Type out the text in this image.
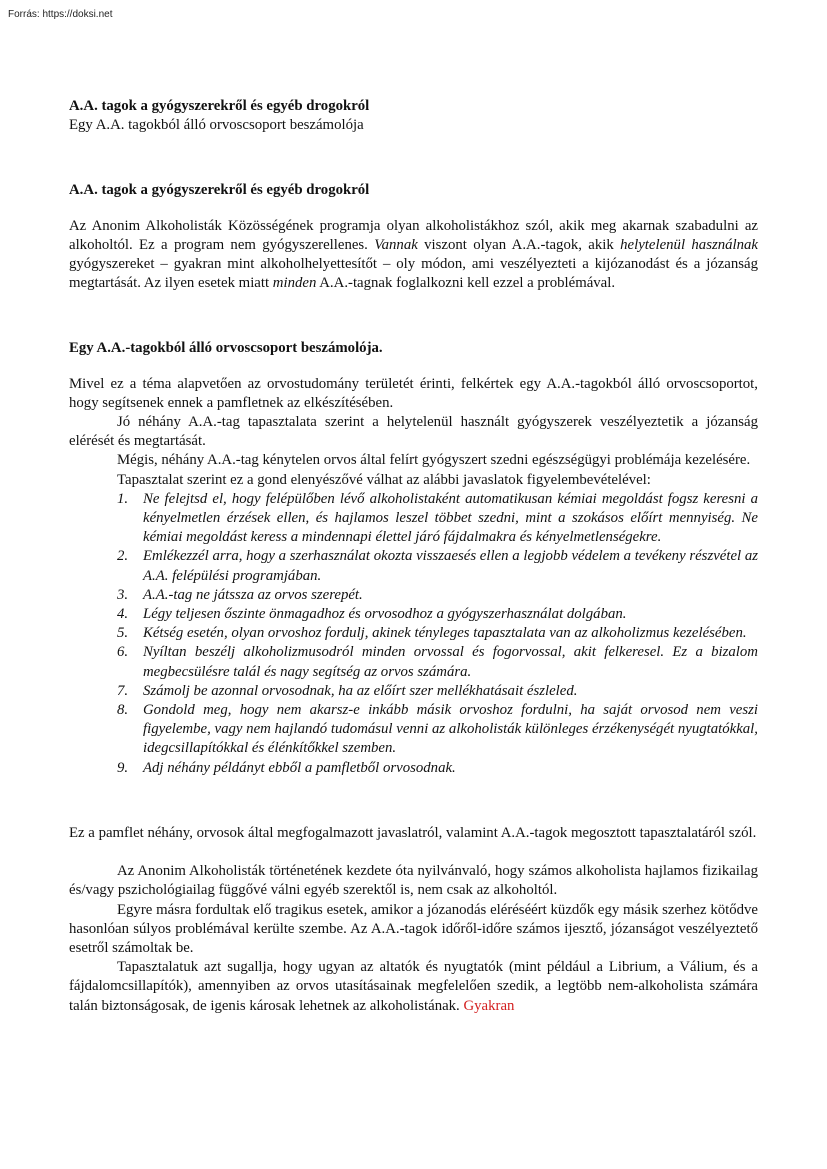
Forrás: https://doksi.net

A.A. tagok a gyógyszerekről és egyéb drogokról

Egy A.A. tagokból álló orvoscsoport beszámolója

A.A. tagok a gyógyszerekről és egyéb drogokról

Az Anonim Alkoholisták Közösségének programja olyan alkoholistákhoz szól, akik meg akarnak szabadulni az alkoholtól. Ez a program nem gyógyszerellenes. Vannak viszont olyan A.A.-tagok, akik helytelenül használnak gyógyszereket – gyakran mint alkoholhelyettesítőt – oly módon, ami veszélyezteti a kijózanodást és a józanság megtartását. Az ilyen esetek miatt minden A.A.-tagnak foglalkozni kell ezzel a problémával.

Egy A.A.-tagokból álló orvoscsoport beszámolója.

Mivel ez a téma alapvetően az orvostudomány területét érinti, felkértek egy A.A.-tagokból álló orvoscsoportot, hogy segítsenek ennek a pamfletnek az elkészítésében.

Jó néhány A.A.-tag tapasztalata szerint a helytelenül használt gyógyszerek veszélyeztetik a józanság elérését és megtartását.

Mégis, néhány A.A.-tag kénytelen orvos által felírt gyógyszert szedni egészségügyi problémája kezelésére.

Tapasztalat szerint ez a gond elenyészővé válhat az alábbi javaslatok figyelembevételével:

1. Ne felejtsd el, hogy felépülőben lévő alkoholistaként automatikusan kémiai megoldást fogsz keresni a kényelmetlen érzések ellen, és hajlamos leszel többet szedni, mint a szokásos előírt mennyiség. Ne kémiai megoldást keress a mindennapi élettel járó fájdalmakra és kényelmetlenségekre.
2. Emlékezzél arra, hogy a szerhasználat okozta visszaesés ellen a legjobb védelem a tevékeny részvétel az A.A. felépülési programjában.
3. A.A.-tag ne játssza az orvos szerepét.
4. Légy teljesen őszinte önmagadhoz és orvosodhoz a gyógyszerhasználat dolgában.
5. Kétség esetén, olyan orvoshoz fordulj, akinek tényleges tapasztalata van az alkoholizmus kezelésében.
6. Nyíltan beszélj alkoholizmusodról minden orvossal és fogorvossal, akit felkeresel. Ez a bizalom megbecsülésre talál és nagy segítség az orvos számára.
7. Számolj be azonnal orvosodnak, ha az előírt szer mellékhatásait észleled.
8. Gondold meg, hogy nem akarsz-e inkább másik orvoshoz fordulni, ha saját orvosod nem veszi figyelembe, vagy nem hajlandó tudomásul venni az alkoholisták különleges érzékenységét nyugtatókkal, idegcsillapítókkal és élénkítőkkel szemben.
9. Adj néhány példányt ebből a pamfletből orvosodnak.

Ez a pamflet néhány, orvosok által megfogalmazott javaslatról, valamint A.A.-tagok megosztott tapasztalatáról szól.

Az Anonim Alkoholisták történetének kezdete óta nyilvánvaló, hogy számos alkoholista hajlamos fizikailag és/vagy pszichológiailag függővé válni egyéb szerektől is, nem csak az alkoholtól.

Egyre másra fordultak elő tragikus esetek, amikor a józanodás eléréséért küzdők egy másik szerhez kötődve hasonlóan súlyos problémával kerülte szembe. Az A.A.-tagok időről-időre számos ijesztő, józanságot veszélyeztető esetről számoltak be.

Tapasztalatuk azt sugallja, hogy ugyan az altatók és nyugtatók (mint például a Librium, a Válium, és a fájdalomcsillapítók), amennyiben az orvos utasításainak megfelelően szedik, a legtöbb nem-alkoholista számára talán biztonságosak, de igenis károsak lehetnek az alkoholistának. Gyakran
